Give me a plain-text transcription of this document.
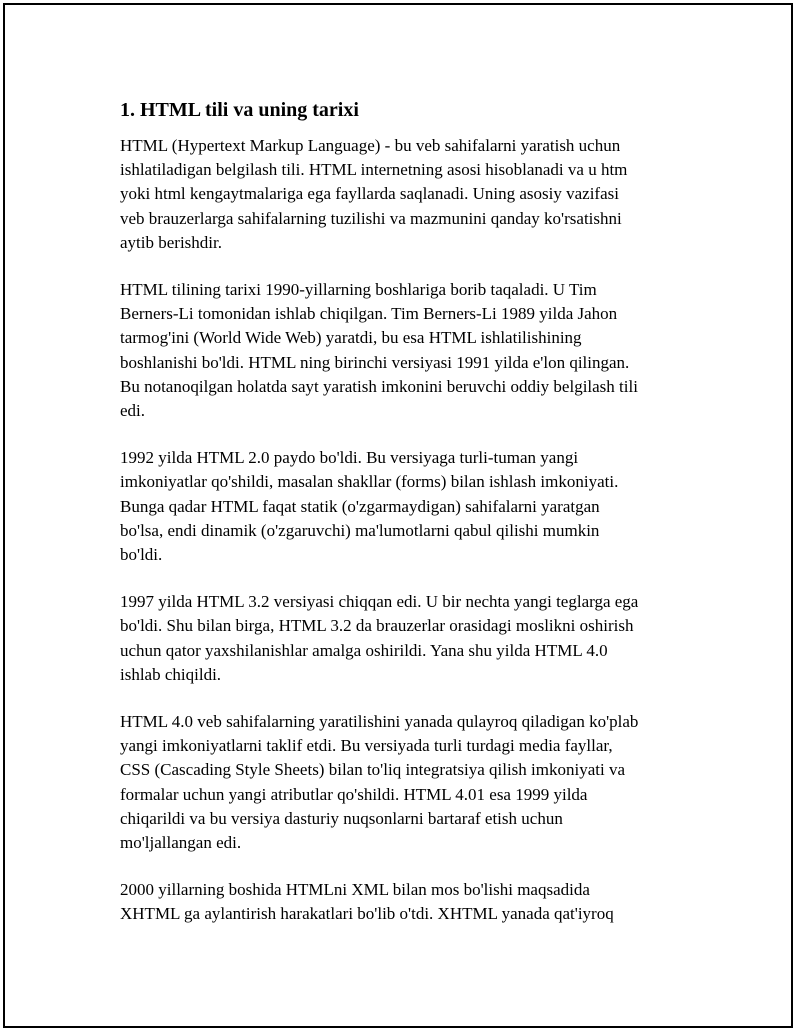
1. HTML tili va uning tarixi
HTML (Hypertext Markup Language) - bu veb sahifalarni yaratish uchun
ishlatiladigan belgilash tili. HTML internetning asosi hisoblanadi va u htm
yoki html kengaytmalariga ega fayllarda saqlanadi. Uning asosiy vazifasi
veb brauzerlarga sahifalarning tuzilishi va mazmunini qanday ko'rsatishni
aytib berishdir.
HTML tilining tarixi 1990-yillarning boshlariga borib taqaladi. U Tim
Berners-Li tomonidan ishlab chiqilgan. Tim Berners-Li 1989 yilda Jahon
tarmog'ini (World Wide Web) yaratdi, bu esa HTML ishlatilishining
boshlanishi bo'ldi. HTML ning birinchi versiyasi 1991 yilda e'lon qilingan.
Bu notanoqilgan holatda sayt yaratish imkonini beruvchi oddiy belgilash tili
edi.
1992 yilda HTML 2.0 paydo bo'ldi. Bu versiyaga turli-tuman yangi
imkoniyatlar qo'shildi, masalan shakllar (forms) bilan ishlash imkoniyati.
Bunga qadar HTML faqat statik (o'zgarmaydigan) sahifalarni yaratgan
bo'lsa, endi dinamik (o'zgaruvchi) ma'lumotlarni qabul qilishi mumkin
bo'ldi.
1997 yilda HTML 3.2 versiyasi chiqqan edi. U bir nechta yangi teglarga ega
bo'ldi. Shu bilan birga, HTML 3.2 da brauzerlar orasidagi moslikni oshirish
uchun qator yaxshilanishlar amalga oshirildi. Yana shu yilda HTML 4.0
ishlab chiqildi.
HTML 4.0 veb sahifalarning yaratilishini yanada qulayroq qiladigan ko'plab
yangi imkoniyatlarni taklif etdi. Bu versiyada turli turdagi media fayllar,
CSS (Cascading Style Sheets) bilan to'liq integratsiya qilish imkoniyati va
formalar uchun yangi atributlar qo'shildi. HTML 4.01 esa 1999 yilda
chiqarildi va bu versiya dasturiy nuqsonlarni bartaraf etish uchun
mo'ljallangan edi.
2000 yillarning boshida HTMLni XML bilan mos bo'lishi maqsadida
XHTML ga aylantirish harakatlari bo'lib o'tdi. XHTML yanada qat'iyroq
